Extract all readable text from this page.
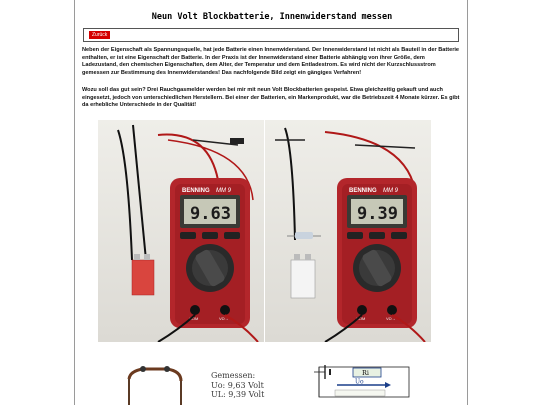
Neun Volt Blockbatterie, Innenwiderstand messen
Zurück
Neben der Eigenschaft als Spannungsquelle, hat jede Batterie einen Innenwiderstand. Der Innenwiderstand ist nicht als Bauteil in der Batterie enthalten, er ist eine Eigenschaft der Batterie. In der Praxis ist der Innenwiderstand einer Batterie abhängig von ihrer Größe, dem Ladezustand, den chemischen Eigenschaften, dem Alter, der Temperatur und dem Entladestrom. Es wird nicht der Kurzschlussstrom gemessen zur Bestimmung des Innenwiderstandes! Das nachfolgende Bild zeigt ein gängiges Verfahren!
Wozu soll das gut sein? Drei Rauchgasmelder werden bei mir mit neun Volt Blockbatterien gespeist. Etwa gleichzeitig gekauft und auch eingesetzt, jedoch von unterschiedlichen Herstellern. Bei einer der Batterien, ein Markenprodukt, war die Betriebszeit 4 Monate kürzer. Es gibt da erhebliche Unterschiede in der Qualität!
BENNING MM 9
9.63
COM	VΩ→
BENNING MM 9
9.39
COM	VΩ→
Gemessen:
Uo: 9,63 Volt
UL: 9,39 Volt
Ri
Uo
